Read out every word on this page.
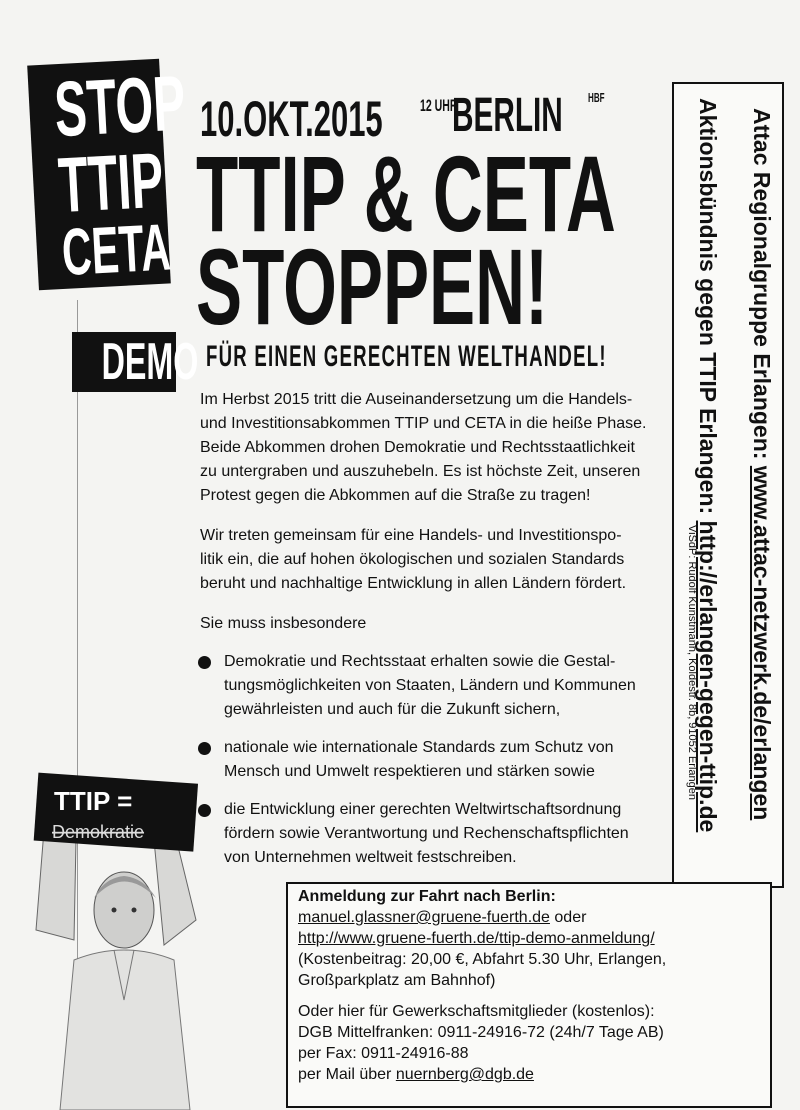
STOP
TTIP
CETA
DEMO
10.OKT.2015 12 UHR
BERLIN HBF
TTIP & CETA
STOPPEN!
FÜR EINEN GERECHTEN WELTHANDEL!

Im Herbst 2015 tritt die Auseinandersetzung um die Handels-

und Investitionsabkommen TTIP und CETA in die heiße Phase.

Beide Abkommen drohen Demokratie und Rechtsstaatlichkeit

zu untergraben und auszuhebeln. Es ist höchste Zeit, unseren

Protest gegen die Abkommen auf die Straße zu tragen!

Wir treten gemeinsam für eine Handels- und Investitionspo-

litik ein, die auf hohen ökologischen und sozialen Standards

beruht und nachhaltige Entwicklung in allen Ländern fördert.

Sie muss insbesondere
Demokratie und Rechtsstaat erhalten sowie die Gestal-
tungsmöglichkeiten von Staaten, Ländern und Kommunen
gewährleisten und auch für die Zukunft sichern,
nationale wie internationale Standards zum Schutz von
Mensch und Umwelt respektieren und stärken sowie
die Entwicklung einer gerechten Weltwirtschaftsordnung
fördern sowie Verantwortung und Rechenschaftspflichten
von Unternehmen weltweit festschreiben.
TTIP =
Demokratie
Attac Regionalgruppe Erlangen: www.attac-netzwerk.de/erlangen
Aktionsbündnis gegen TTIP Erlangen: http://erlangen-gegen-ttip.de
ViSdP: Rudolf Kunstmann, Koldestr. 8b, 91052 Erlangen
Anmeldung zur Fahrt nach Berlin:
manuel.glassner@gruene-fuerth.de oder
http://www.gruene-fuerth.de/ttip-demo-anmeldung/
(Kostenbeitrag: 20,00 €, Abfahrt 5.30 Uhr, Erlangen,
Großparkplatz am Bahnhof)
Oder hier für Gewerkschaftsmitglieder (kostenlos):
DGB Mittelfranken: 0911-24916-72 (24h/7 Tage AB)
per Fax: 0911-24916-88
per Mail über nuernberg@dgb.de
